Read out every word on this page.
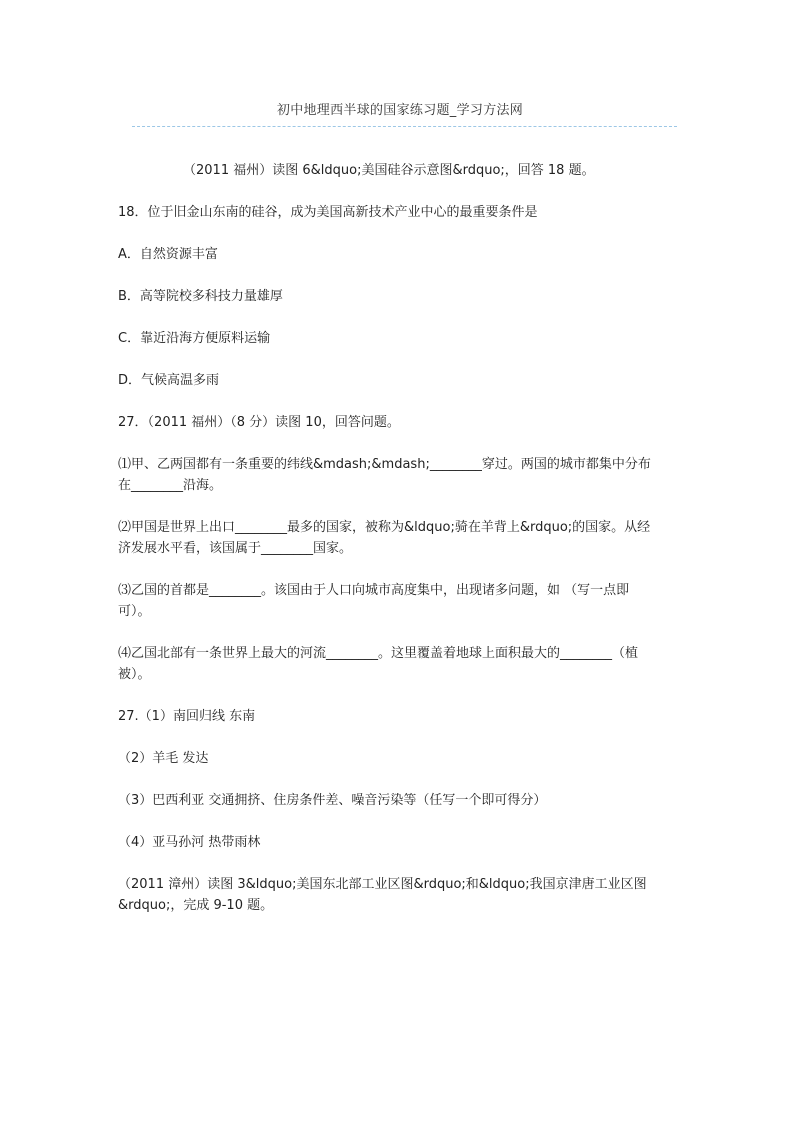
初中地理西半球的国家练习题_学习方法网
（2011 福州）读图 6&ldquo;美国硅谷示意图&rdquo;，回答 18 题。
18．位于旧金山东南的硅谷，成为美国高新技术产业中心的最重要条件是
A．自然资源丰富
B．高等院校多科技力量雄厚
C．靠近沿海方便原料运输
D．气候高温多雨
27．（2011 福州）（8 分）读图 10，回答问题。
⑴甲、乙两国都有一条重要的纬线&mdash;&mdash;________穿过。两国的城市都集中分布
在________沿海。
⑵甲国是世界上出口________最多的国家，被称为&ldquo;骑在羊背上&rdquo;的国家。从经
济发展水平看，该国属于________国家。
⑶乙国的首都是________。该国由于人口向城市高度集中，出现诸多问题，如 （写一点即
可）。
⑷乙国北部有一条世界上最大的河流________。这里覆盖着地球上面积最大的________（植
被）。
27.（1）南回归线 东南
（2）羊毛 发达
（3）巴西利亚 交通拥挤、住房条件差、噪音污染等（任写一个即可得分）
（4）亚马孙河 热带雨林
（2011 漳州）读图 3&ldquo;美国东北部工业区图&rdquo;和&ldquo;我国京津唐工业区图
&rdquo;，完成 9-10 题。
